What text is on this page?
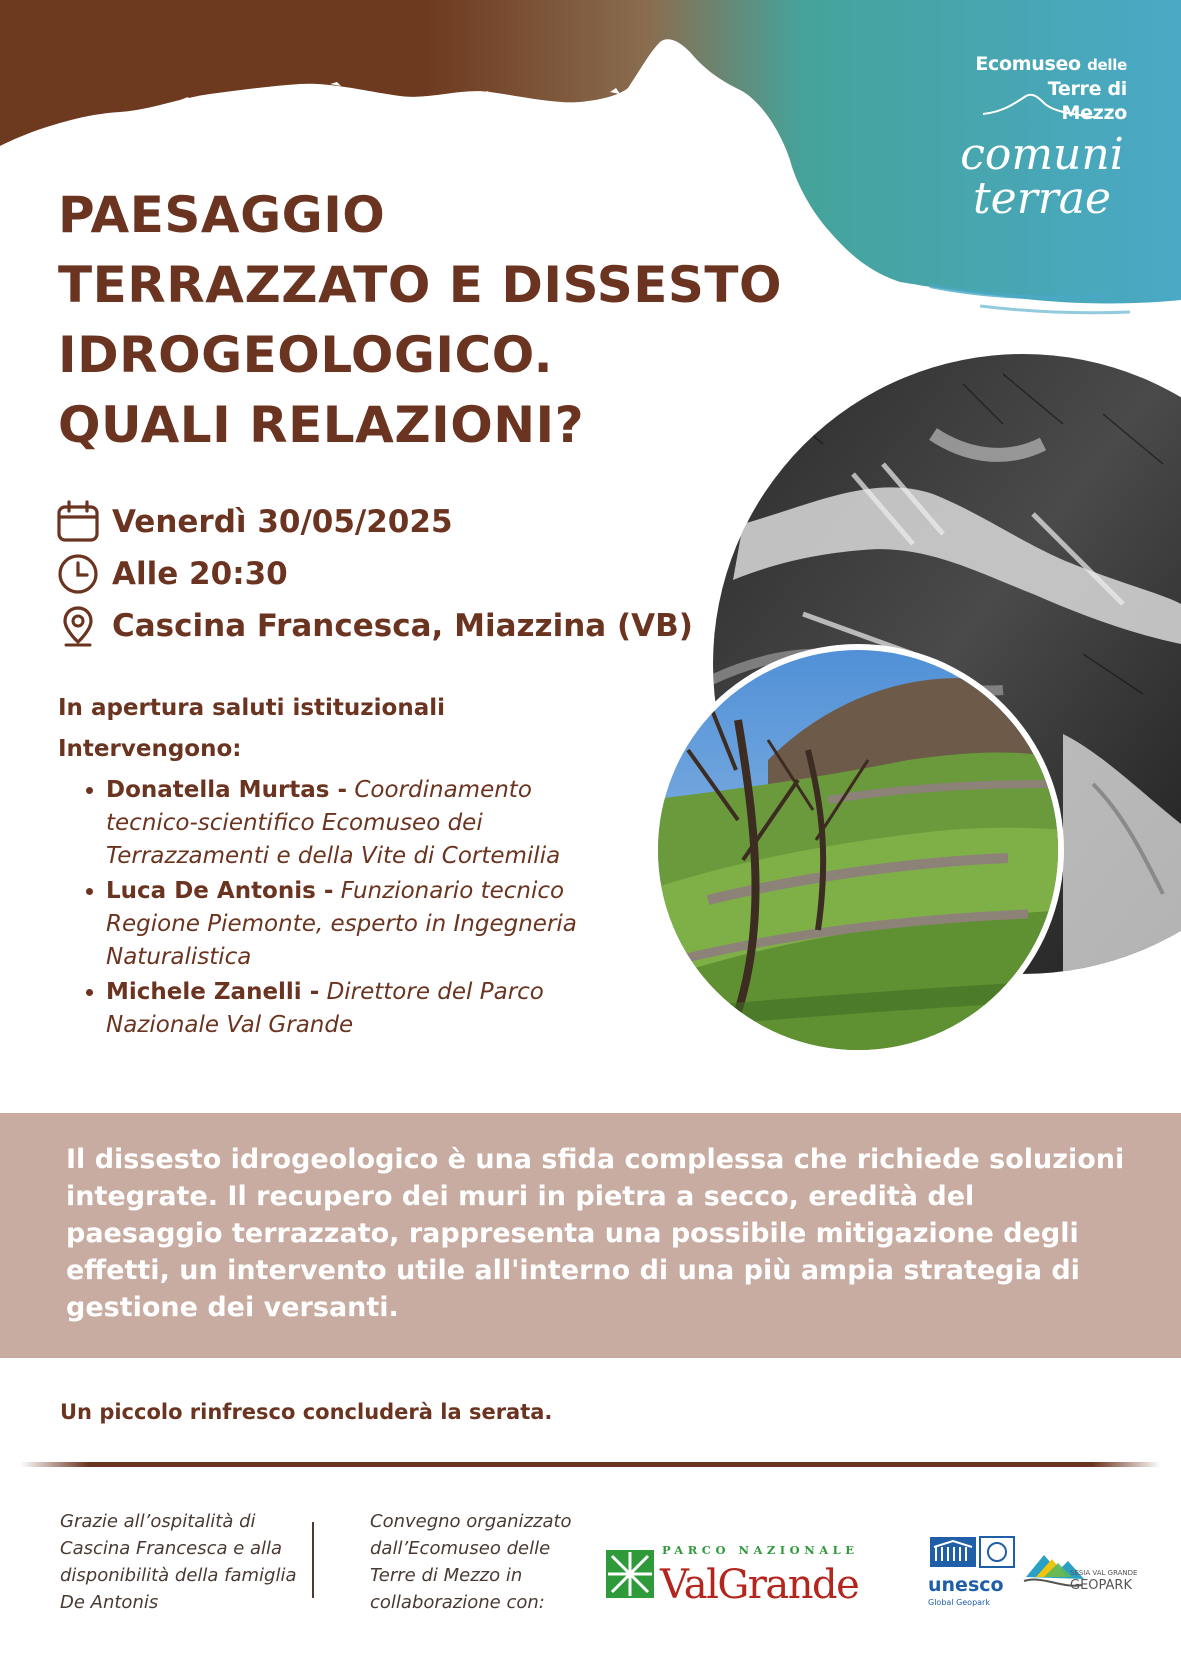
Ecomuseo delle
Terre di
Mezzo
comuni
terrae
PAESAGGIO
TERRAZZATO E DISSESTO
IDROGEOLOGICO.
QUALI RELAZIONI?
Venerdì 30/05/2025
Alle 20:30
Cascina Francesca, Miazzina (VB)

In apertura saluti istituzionali

Intervengono:

• Donatella Murtas - Coordinamento tecnico-scientifico Ecomuseo dei Terrazzamenti e della Vite di Cortemilia
• Luca De Antonis - Funzionario tecnico Regione Piemonte, esperto in Ingegneria Naturalistica
• Michele Zanelli - Direttore del Parco Nazionale Val Grande

Il dissesto idrogeologico è una sfida complessa che richiede soluzioni integrate. Il recupero dei muri in pietra a secco, eredità del paesaggio terrazzato, rappresenta una possibile mitigazione degli effetti, un intervento utile all'interno di una più ampia strategia di gestione dei versanti.

Un piccolo rinfresco concluderà la serata.

Grazie all’ospitalità di Cascina Francesca e alla disponibilità della famiglia De Antonis

Convegno organizzato dall’Ecomuseo delle Terre di Mezzo in collaborazione con:

PARCO NAZIONALE
ValGrande	unesco
Global Geopark
SESIA VAL GRANDE
GEOPARK
